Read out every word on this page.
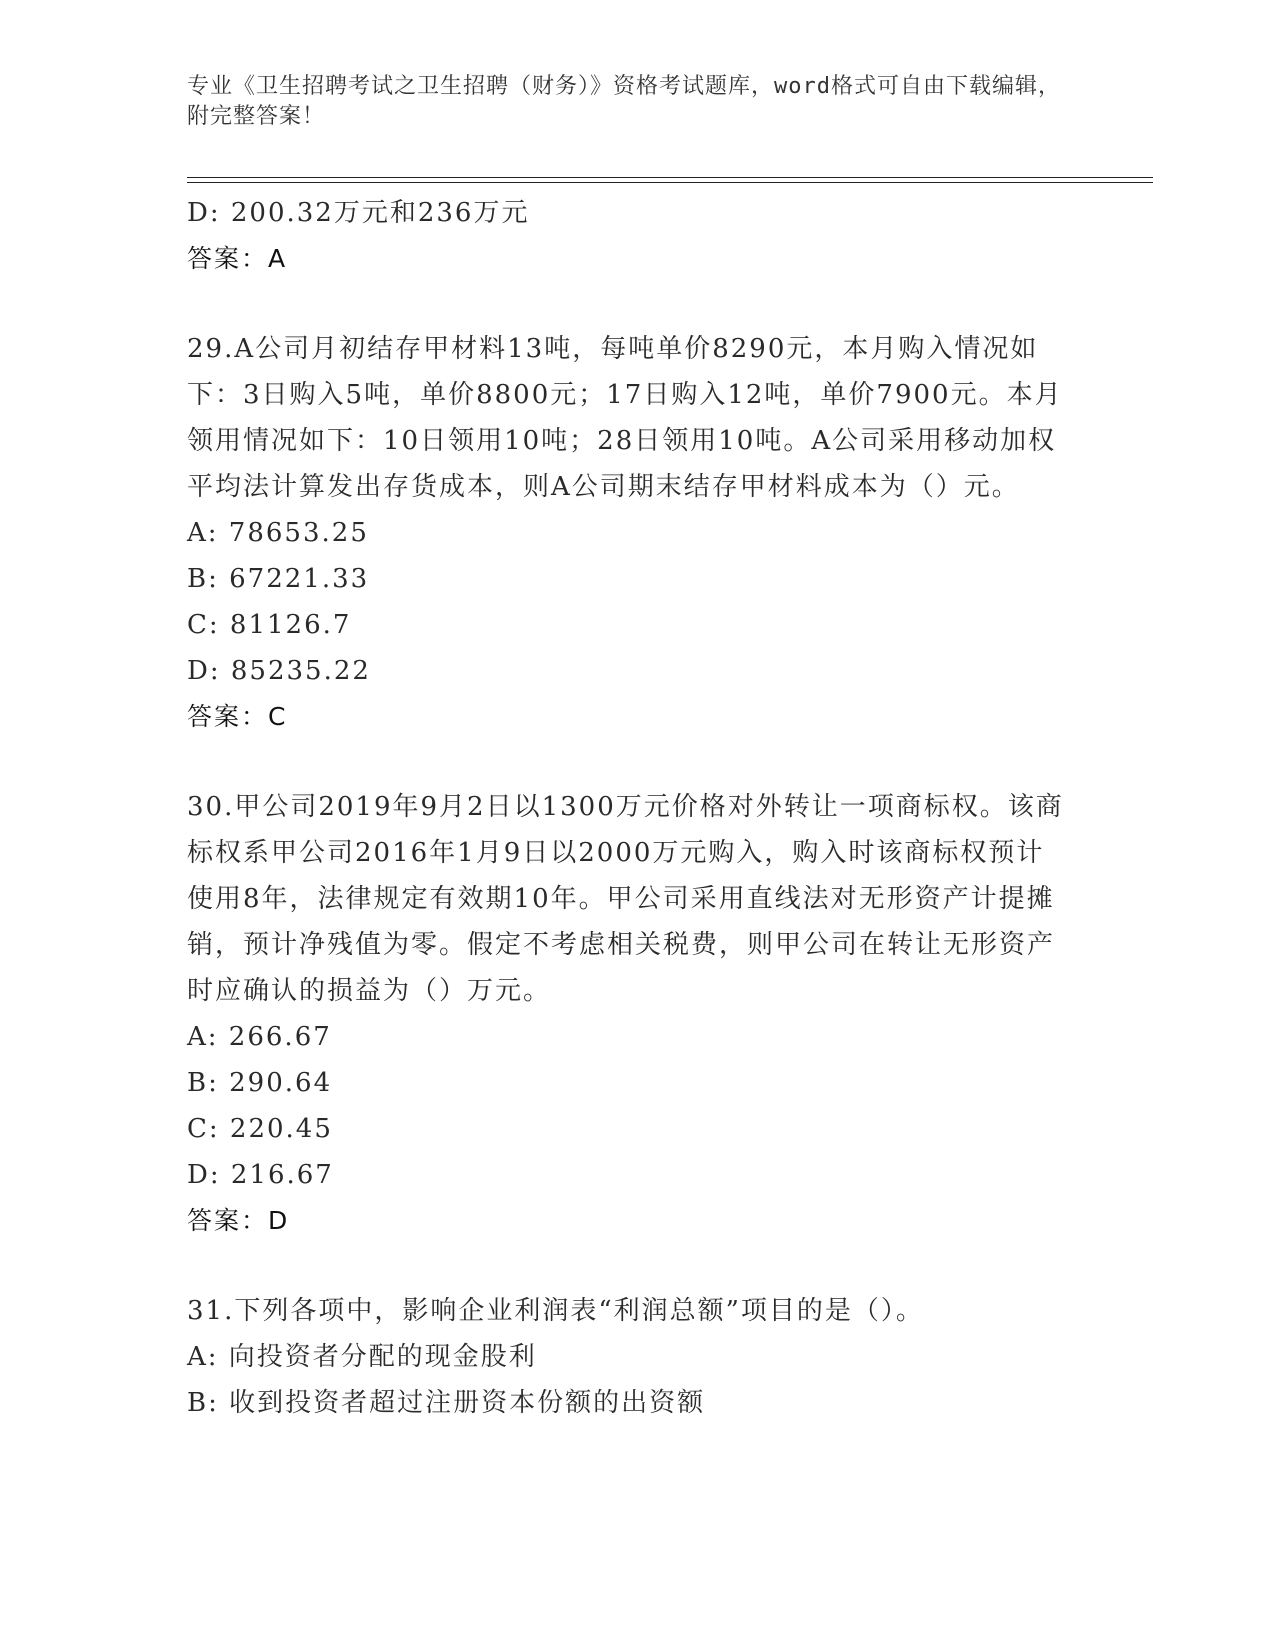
专业《卫生招聘考试之卫生招聘（财务）》资格考试题库，word格式可自由下载编辑，附完整答案！
D: 200.32万元和236万元
答案：A
29.A公司月初结存甲材料13吨，每吨单价8290元，本月购入情况如下：3日购入5吨，单价8800元；17日购入12吨，单价7900元。本月领用情况如下：10日领用10吨；28日领用10吨。A公司采用移动加权平均法计算发出存货成本，则A公司期末结存甲材料成本为（）元。
A: 78653.25
B: 67221.33
C: 81126.7
D: 85235.22
答案：C
30.甲公司2019年9月2日以1300万元价格对外转让一项商标权。该商标权系甲公司2016年1月9日以2000万元购入，购入时该商标权预计使用8年，法律规定有效期10年。甲公司采用直线法对无形资产计提摊销，预计净残值为零。假定不考虑相关税费，则甲公司在转让无形资产时应确认的损益为（）万元。
A: 266.67
B: 290.64
C: 220.45
D: 216.67
答案：D
31.下列各项中，影响企业利润表“利润总额”项目的是（）。
A: 向投资者分配的现金股利
B: 收到投资者超过注册资本份额的出资额
